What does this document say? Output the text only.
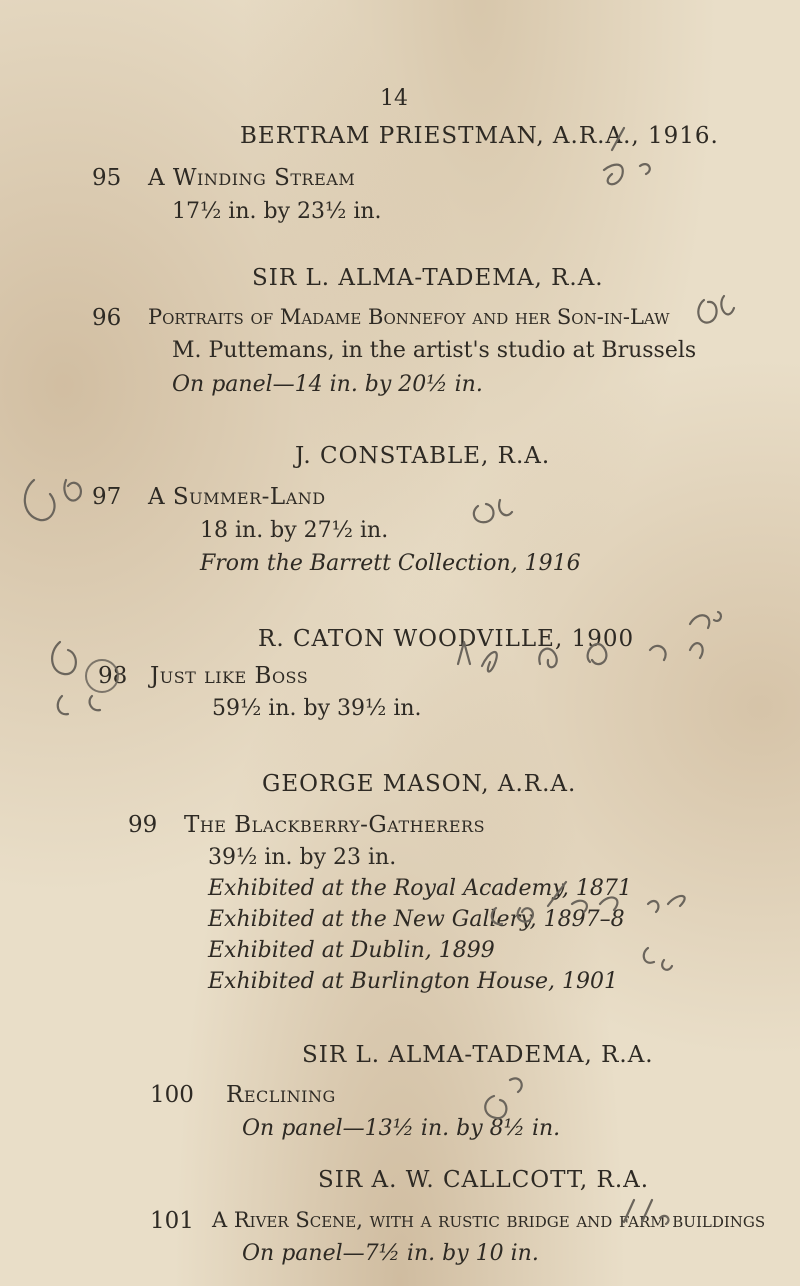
14
BERTRAM PRIESTMAN, A.R.A., 1916.
95 A Winding Stream
17½ in. by 23½ in.
SIR L. ALMA-TADEMA, R.A.
96 Portraits of Madame Bonnefoy and her Son-in-Law
M. Puttemans, in the artist's studio at Brussels
On panel—14 in. by 20½ in.
J. CONSTABLE, R.A.
97 A Summer-Land
18 in. by 27½ in.
From the Barrett Collection, 1916
R. CATON WOODVILLE, 1900
98 Just like Boss
59½ in. by 39½ in.
GEORGE MASON, A.R.A.
99 The Blackberry-Gatherers
39½ in. by 23 in.
Exhibited at the Royal Academy, 1871
Exhibited at the New Gallery, 1897–8
Exhibited at Dublin, 1899
Exhibited at Burlington House, 1901
SIR L. ALMA-TADEMA, R.A.
100 Reclining
On panel—13½ in. by 8½ in.
SIR A. W. CALLCOTT, R.A.
101 A River Scene, with a rustic bridge and farm buildings
On panel—7½ in. by 10 in.
